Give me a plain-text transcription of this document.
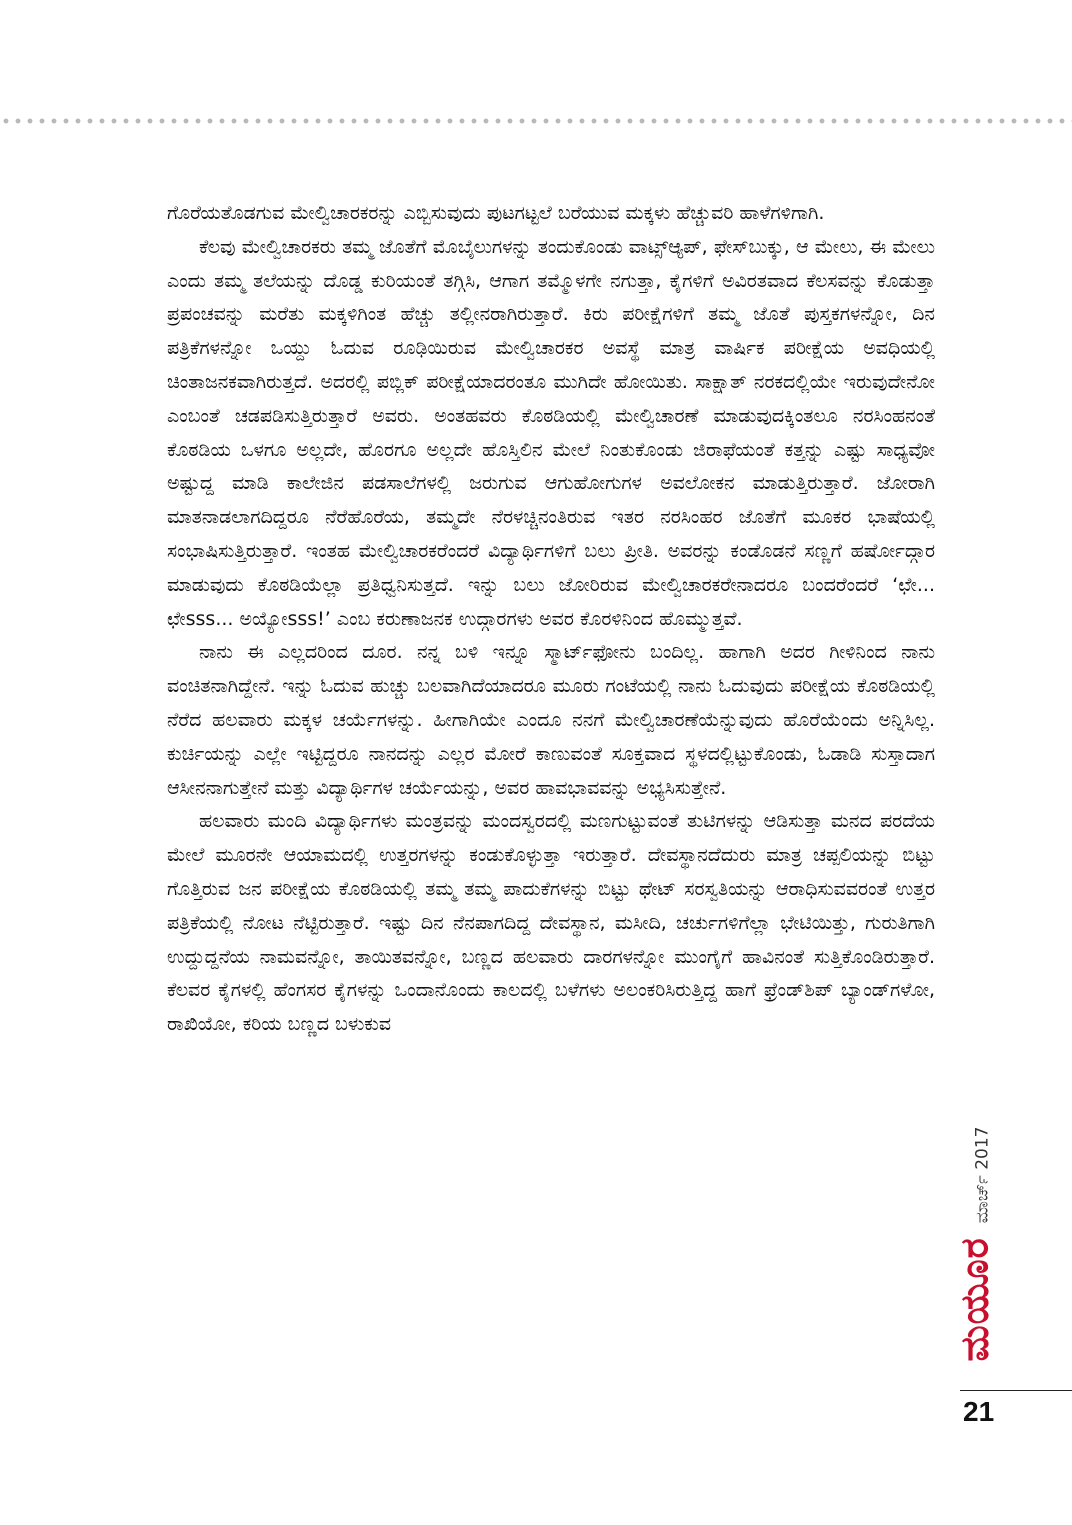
ಗೊರೆಯತೊಡಗುವ ಮೇಲ್ವಿಚಾರಕರನ್ನು ಎಬ್ಬಿಸುವುದು ಪುಟಗಟ್ಟಲೆ ಬರೆಯುವ ಮಕ್ಕಳು ಹೆಚ್ಚುವರಿ ಹಾಳೆಗಳಿಗಾಗಿ.

ಕೆಲವು ಮೇಲ್ವಿಚಾರಕರು ತಮ್ಮ ಜೊತೆಗೆ ಮೊಬೈಲುಗಳನ್ನು ತಂದುಕೊಂಡು ವಾಟ್ಸ್ಆ್ಯಪ್, ಫೇಸ್‌ಬುಕ್ಕು, ಆ ಮೇಲು, ಈ ಮೇಲು ಎಂದು ತಮ್ಮ ತಲೆಯನ್ನು ದೊಡ್ಡ ಕುರಿಯಂತೆ ತಗ್ಗಿಸಿ, ಆಗಾಗ ತಮ್ಮೊಳಗೇ ನಗುತ್ತಾ, ಕೈಗಳಿಗೆ ಅವಿರತವಾದ ಕೆಲಸವನ್ನು ಕೊಡುತ್ತಾ ಪ್ರಪಂಚವನ್ನು ಮರೆತು ಮಕ್ಕಳಿಗಿಂತ ಹೆಚ್ಚು ತಲ್ಲೀನರಾಗಿರುತ್ತಾರೆ. ಕಿರು ಪರೀಕ್ಷೆಗಳಿಗೆ ತಮ್ಮ ಜೊತೆ ಪುಸ್ತಕಗಳನ್ನೋ, ದಿನ ಪತ್ರಿಕೆಗಳನ್ನೋ ಒಯ್ದು ಓದುವ ರೂಢಿಯಿರುವ ಮೇಲ್ವಿಚಾರಕರ ಅವಸ್ಥೆ ಮಾತ್ರ ವಾರ್ಷಿಕ ಪರೀಕ್ಷೆಯ ಅವಧಿಯಲ್ಲಿ ಚಿಂತಾಜನಕವಾಗಿರುತ್ತದೆ. ಅದರಲ್ಲಿ ಪಬ್ಲಿಕ್ ಪರೀಕ್ಷೆಯಾದರಂತೂ ಮುಗಿದೇ ಹೋಯಿತು. ಸಾಕ್ಷಾತ್ ನರಕದಲ್ಲಿಯೇ ಇರುವುದೇನೋ ಎಂಬಂತೆ ಚಡಪಡಿಸುತ್ತಿರುತ್ತಾರೆ ಅವರು. ಅಂತಹವರು ಕೊಠಡಿಯಲ್ಲಿ ಮೇಲ್ವಿಚಾರಣೆ ಮಾಡುವುದಕ್ಕಿಂತಲೂ ನರಸಿಂಹನಂತೆ ಕೊಠಡಿಯ ಒಳಗೂ ಅಲ್ಲದೇ, ಹೊರಗೂ ಅಲ್ಲದೇ ಹೊಸ್ತಿಲಿನ ಮೇಲೆ ನಿಂತುಕೊಂಡು ಜಿರಾಫೆಯಂತೆ ಕತ್ತನ್ನು ಎಷ್ಟು ಸಾಧ್ಯವೋ ಅಷ್ಟುದ್ದ ಮಾಡಿ ಕಾಲೇಜಿನ ಪಡಸಾಲೆಗಳಲ್ಲಿ ಜರುಗುವ ಆಗುಹೋಗುಗಳ ಅವಲೋಕನ ಮಾಡುತ್ತಿರುತ್ತಾರೆ. ಜೋರಾಗಿ ಮಾತನಾಡಲಾಗದಿದ್ದರೂ ನೆರೆಹೊರೆಯ, ತಮ್ಮದೇ ನೆರಳಚ್ಚಿನಂತಿರುವ ಇತರ ನರಸಿಂಹರ ಜೊತೆಗೆ ಮೂಕರ ಭಾಷೆಯಲ್ಲಿ ಸಂಭಾಷಿಸುತ್ತಿರುತ್ತಾರೆ. ಇಂತಹ ಮೇಲ್ವಿಚಾರಕರೆಂದರೆ ವಿದ್ಯಾರ್ಥಿಗಳಿಗೆ ಬಲು ಪ್ರೀತಿ. ಅವರನ್ನು ಕಂಡೊಡನೆ ಸಣ್ಣಗೆ ಹರ್ಷೋದ್ಗಾರ ಮಾಡುವುದು ಕೊಠಡಿಯೆಲ್ಲಾ ಪ್ರತಿಧ್ವನಿಸುತ್ತದೆ. ಇನ್ನು ಬಲು ಜೋರಿರುವ ಮೇಲ್ವಿಚಾರಕರೇನಾದರೂ ಬಂದರೆಂದರೆ ‘ಛೇ... ಛೇsss... ಅಯ್ಯೋsss!’ ಎಂಬ ಕರುಣಾಜನಕ ಉದ್ಗಾರಗಳು ಅವರ ಕೊರಳಿನಿಂದ ಹೊಮ್ಮುತ್ತವೆ.

ನಾನು ಈ ಎಲ್ಲದರಿಂದ ದೂರ. ನನ್ನ ಬಳಿ ಇನ್ನೂ ಸ್ಮಾರ್ಟ್‌ಫೋನು ಬಂದಿಲ್ಲ. ಹಾಗಾಗಿ ಅದರ ಗೀಳಿನಿಂದ ನಾನು ವಂಚಿತನಾಗಿದ್ದೇನೆ. ಇನ್ನು ಓದುವ ಹುಚ್ಚು ಬಲವಾಗಿದೆಯಾದರೂ ಮೂರು ಗಂಟೆಯಲ್ಲಿ ನಾನು ಓದುವುದು ಪರೀಕ್ಷೆಯ ಕೊಠಡಿಯಲ್ಲಿ ನೆರೆದ ಹಲವಾರು ಮಕ್ಕಳ ಚರ್ಯೆಗಳನ್ನು. ಹೀಗಾಗಿಯೇ ಎಂದೂ ನನಗೆ ಮೇಲ್ವಿಚಾರಣೆಯೆನ್ನುವುದು ಹೊರೆಯೆಂದು ಅನ್ನಿಸಿಲ್ಲ. ಕುರ್ಚಿಯನ್ನು ಎಲ್ಲೇ ಇಟ್ಟಿದ್ದರೂ ನಾನದನ್ನು ಎಲ್ಲರ ಮೋರೆ ಕಾಣುವಂತೆ ಸೂಕ್ತವಾದ ಸ್ಥಳದಲ್ಲಿಟ್ಟುಕೊಂಡು, ಓಡಾಡಿ ಸುಸ್ತಾದಾಗ ಆಸೀನನಾಗುತ್ತೇನೆ ಮತ್ತು ವಿದ್ಯಾರ್ಥಿಗಳ ಚರ್ಯೆಯನ್ನು, ಅವರ ಹಾವಭಾವವನ್ನು ಅಭ್ಯಸಿಸುತ್ತೇನೆ.

ಹಲವಾರು ಮಂದಿ ವಿದ್ಯಾರ್ಥಿಗಳು ಮಂತ್ರವನ್ನು ಮಂದಸ್ವರದಲ್ಲಿ ಮಣಗುಟ್ಟುವಂತೆ ತುಟಿಗಳನ್ನು ಆಡಿಸುತ್ತಾ ಮನದ ಪರದೆಯ ಮೇಲೆ ಮೂರನೇ ಆಯಾಮದಲ್ಲಿ ಉತ್ತರಗಳನ್ನು ಕಂಡುಕೊಳ್ಳುತ್ತಾ ಇರುತ್ತಾರೆ. ದೇವಸ್ಥಾನದೆದುರು ಮಾತ್ರ ಚಪ್ಪಲಿಯನ್ನು ಬಿಟ್ಟು ಗೊತ್ತಿರುವ ಜನ ಪರೀಕ್ಷೆಯ ಕೊಠಡಿಯಲ್ಲಿ ತಮ್ಮ ತಮ್ಮ ಪಾದುಕೆಗಳನ್ನು ಬಿಟ್ಟು ಥೇಟ್ ಸರಸ್ವತಿಯನ್ನು ಆರಾಧಿಸುವವರಂತೆ ಉತ್ತರ ಪತ್ರಿಕೆಯಲ್ಲಿ ನೋಟ ನೆಟ್ಟಿರುತ್ತಾರೆ. ಇಷ್ಟು ದಿನ ನೆನಪಾಗದಿದ್ದ ದೇವಸ್ಥಾನ, ಮಸೀದಿ, ಚರ್ಚುಗಳಿಗೆಲ್ಲಾ ಭೇಟಿಯಿತ್ತು, ಗುರುತಿಗಾಗಿ ಉದ್ದುದ್ದನೆಯ ನಾಮವನ್ನೋ, ತಾಯಿತವನ್ನೋ, ಬಣ್ಣದ ಹಲವಾರು ದಾರಗಳನ್ನೋ ಮುಂಗೈಗೆ ಹಾವಿನಂತೆ ಸುತ್ತಿಕೊಂಡಿರುತ್ತಾರೆ. ಕೆಲವರ ಕೈಗಳಲ್ಲಿ ಹೆಂಗಸರ ಕೈಗಳನ್ನು ಒಂದಾನೊಂದು ಕಾಲದಲ್ಲಿ ಬಳೆಗಳು ಅಲಂಕರಿಸಿರುತ್ತಿದ್ದ ಹಾಗೆ ಫ್ರೆಂಡ್‌ಶಿಪ್ ಬ್ಯಾಂಡ್‌ಗಳೋ, ರಾಖಿಯೋ, ಕರಿಯ ಬಣ್ಣದ ಬಳುಕುವ

ಮಯೂರ
ಮಾರ್ಚ್ 2017
21
